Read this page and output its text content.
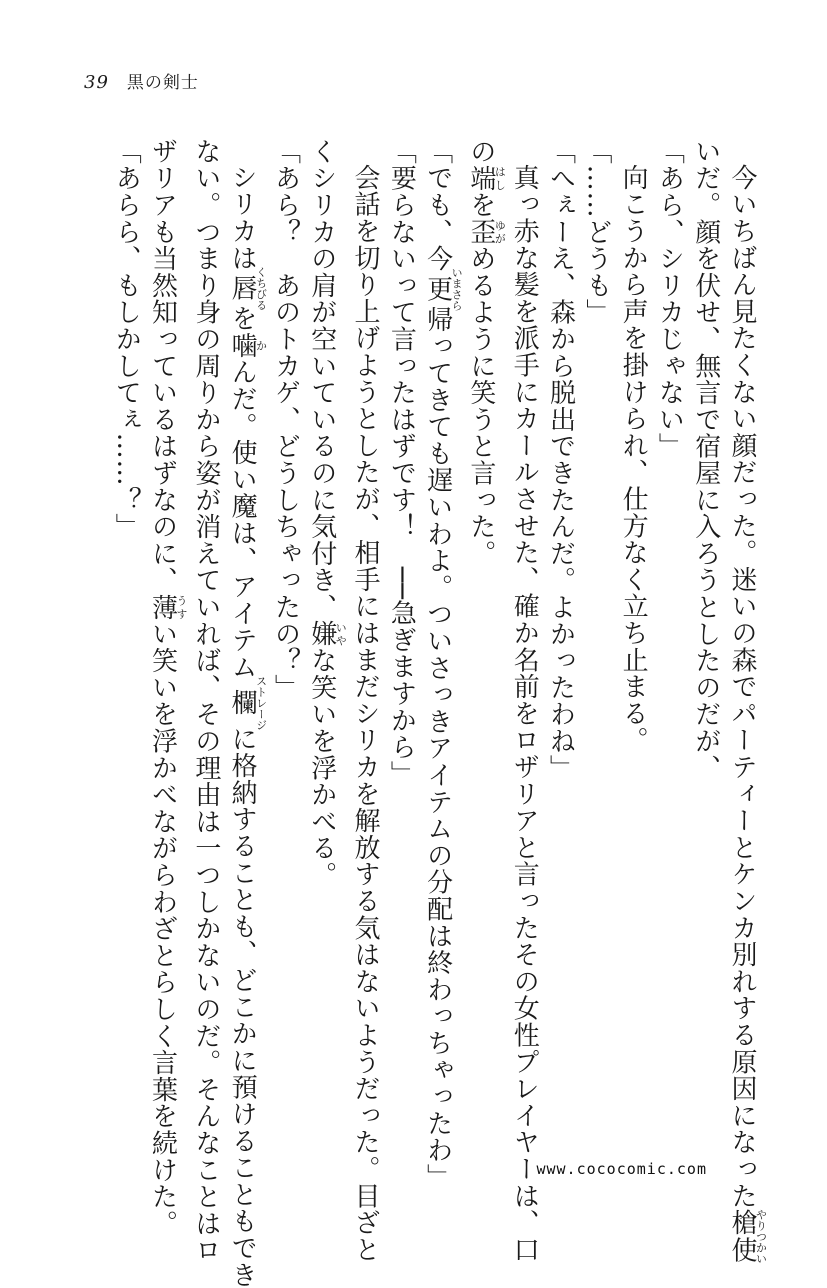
39 黒の剣士

今いちばん見たくない顔だった。迷いの森でパーティーとケンカ別れする原因になった槍使やりつかい

いだ。顔を伏せ、無言で宿屋に入ろうとしたのだが、

「あら、シリカじゃない」

向こうから声を掛けられ、仕方なく立ち止まる。

「……どうも」

「へぇーえ、森から脱出できたんだ。よかったわね」

真っ赤な髪を派手にカールさせた、確か名前をロザリアと言ったその女性プレイヤーは、口

の端はしを歪ゆがめるように笑うと言った。

「でも、今更いまさら帰ってきても遅いわよ。ついさっきアイテムの分配は終わっちゃったわ」

「要らないって言ったはずです！　──急ぎますから」

会話を切り上げようとしたが、相手にはまだシリカを解放する気はないようだった。目ざと

くシリカの肩が空いているのに気付き、嫌いやな笑いを浮かべる。

「あら？　あのトカゲ、どうしちゃったの？」

シリカは唇くちびるを噛かんだ。使い魔は、アイテム欄ストレージに格納することも、どこかに預けることもでき

ない。つまり身の周りから姿が消えていれば、その理由は一つしかないのだ。そんなことはロ

ザリアも当然知っているはずなのに、薄うすい笑いを浮かべながらわざとらしく言葉を続けた。

「あらら、もしかしてぇ……？」

www.cococomic.com
